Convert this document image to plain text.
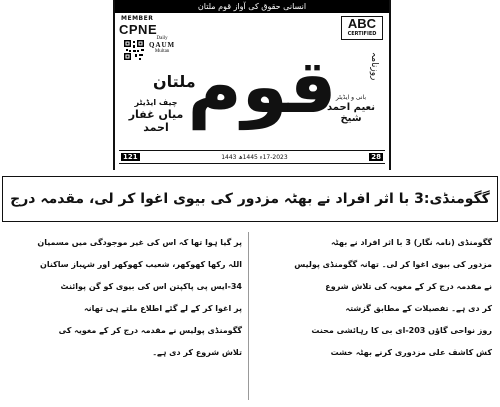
انسانی حقوق کی آواز قوم ملتان
MEMBER
CPNE	ABC
CERTIFIED
Daily
QAUM
Multan
روزنامہ
قوم
ملتان
چیف ایڈیٹر
میاں غفار احمد
بانی و ایڈیٹر
نعیم احمد شیخ
121	17-2023ء 1445ھ 1443	28
گگومنڈی:3 با اثر افراد نے بھٹہ مزدور کی بیوی اغوا کر لی، مقدمہ درج

گگومنڈی (نامہ نگار) 3 با اثر افراد نے بھٹہ

مزدور کی بیوی اغوا کر لی۔ تھانہ گگومنڈی پولیس

نے مقدمہ درج کر کے مغویہ کی تلاش شروع

کر دی ہے۔ تفصیلات کے مطابق گزشتہ

روز نواحی گاؤں 203-ای بی کا رہائشی محنت

کش کاشف علی مزدوری کرنے بھٹہ خشت

پر گیا ہوا تھا کہ اس کی غیر موجودگی میں مسمیان

اللہ رکھا کھوکھر، شعیب کھوکھر اور شہباز ساکنان

34-ایس پی پاکپتن اس کی بیوی کو گن پوائنٹ

پر اغوا کر کے لے گئے اطلاع ملتے ہی تھانہ

گگومنڈی پولیس نے مقدمہ درج کر کے مغویہ کی

تلاش شروع کر دی ہے۔
